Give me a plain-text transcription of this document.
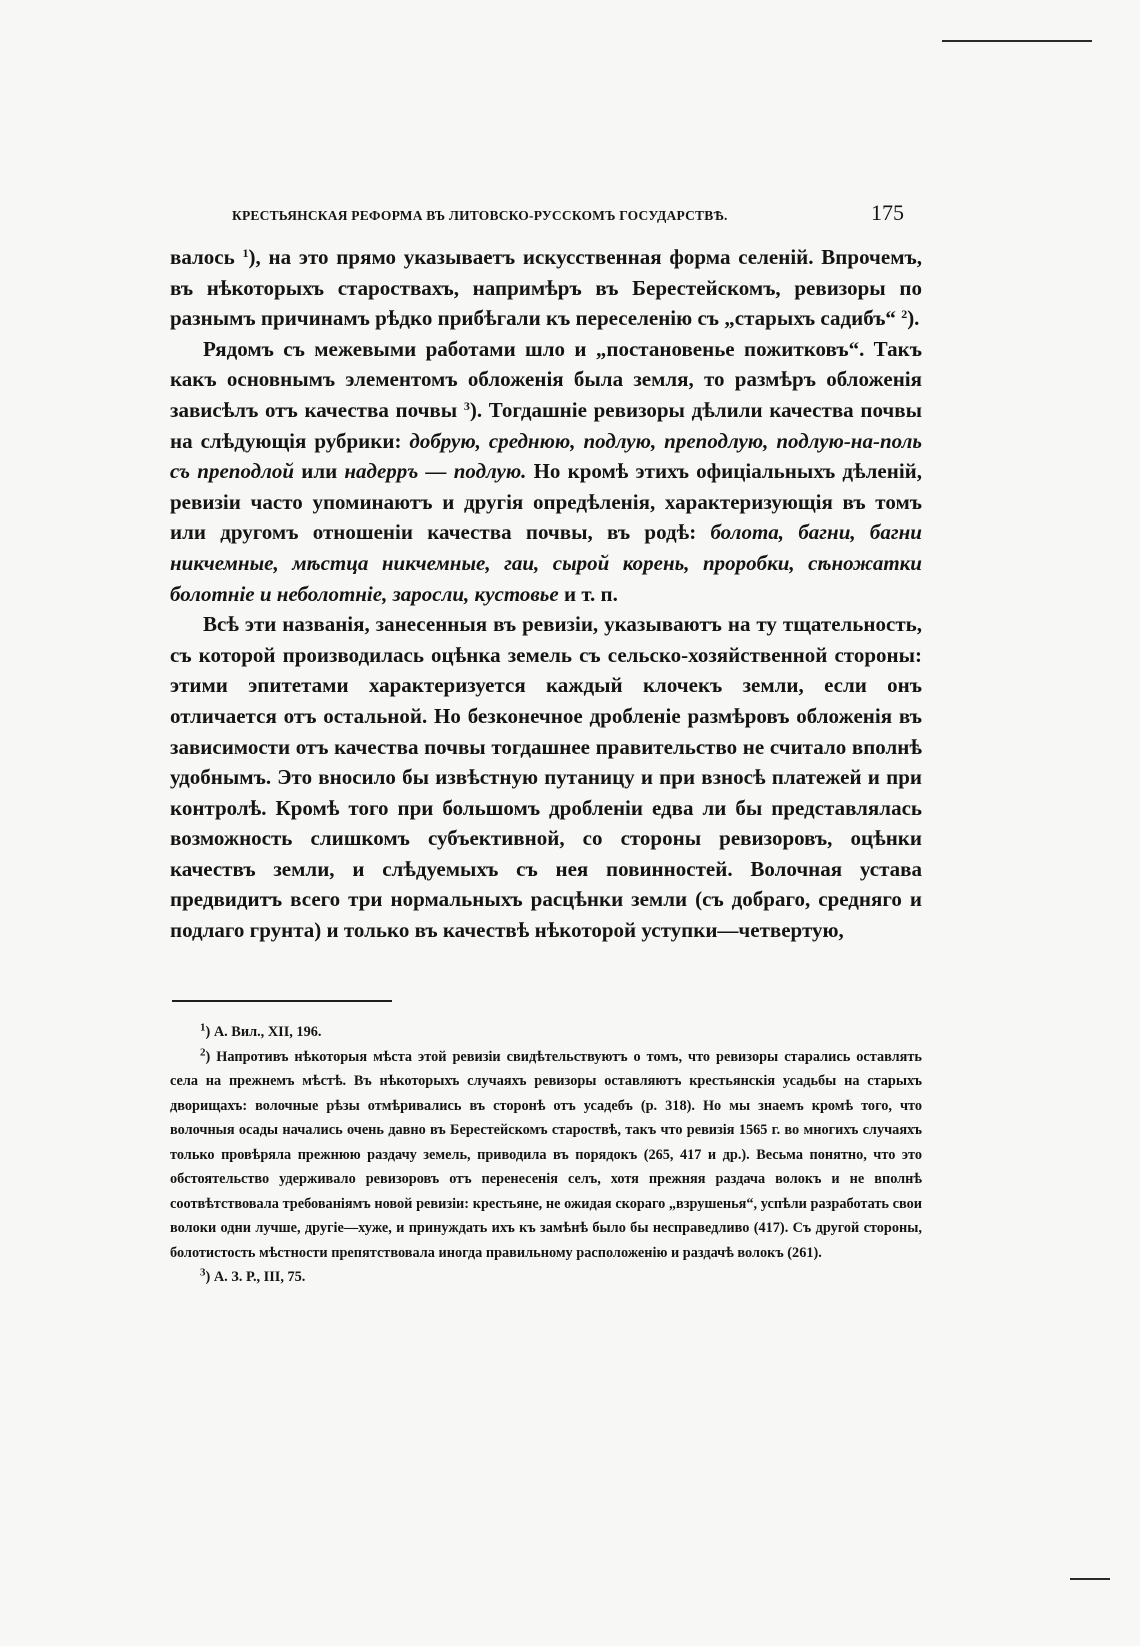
КРЕСТЬЯНСКАЯ РЕФОРМА ВЪ ЛИТОВСКО-РУССКОМЪ ГОСУДАРСТВѢ.	175

валось $^1$), на это прямо указываетъ искусственная форма селеній. Впрочемъ, въ нѣкоторыхъ староствахъ, напримѣръ въ Берестейскомъ, ревизоры по разнымъ причинамъ рѣдко прибѣгали къ переселенію съ „старыхъ садибъ“ $^2$).

Рядомъ съ межевыми работами шло и „постановенье пожитковъ“. Такъ какъ основнымъ элементомъ обложенія была земля, то размѣръ обложенія зависѣлъ отъ качества почвы $^3$). Тогдашніе ревизоры дѣлили качества почвы на слѣдующія рубрики: добрую, среднюю, подлую, преподлую, подлую-на-поль съ преподлой или надерръ — подлую. Но кромѣ этихъ офиціальныхъ дѣленій, ревизіи часто упоминаютъ и другія опредѣленія, характеризующія въ томъ или другомъ отношеніи качества почвы, въ родѣ: болота, багни, багни никчемные, мѣстца никчемные, гаи, сырой корень, проробки, сѣножатки болотніе и неболотніе, заросли, кустовье и т. п.

Всѣ эти названія, занесенныя въ ревизіи, указываютъ на ту тщательность, съ которой производилась оцѣнка земель съ сельско-хозяйственной стороны: этими эпитетами характеризуется каждый клочекъ земли, если онъ отличается отъ остальной. Но безконечное дробленіе размѣровъ обложенія въ зависимости отъ качества почвы тогдашнее правительство не считало вполнѣ удобнымъ. Это вносило бы извѣстную путаницу и при взносѣ платежей и при контролѣ. Кромѣ того при большомъ дробленіи едва ли бы представлялась возможность слишкомъ субъективной, со стороны ревизоровъ, оцѣнки качествъ земли, и слѣдуемыхъ съ нея повинностей. Волочная устава предвидитъ всего три нормальныхъ расцѣнки земли (съ добраго, средняго и подлаго грунта) и только въ качествѣ нѣкоторой уступки—четвертую,

$^1$) А. Вил., XII, 196.

$^2$) Напротивъ нѣкоторыя мѣста этой ревизіи свидѣтельствуютъ о томъ, что ревизоры старались оставлять села на прежнемъ мѣстѣ. Въ нѣкоторыхъ случаяхъ ревизоры оставляютъ крестьянскія усадьбы на старыхъ дворищахъ: волочные рѣзы отмѣривались въ сторонѣ отъ усадебъ (р. 318). Но мы знаемъ кромѣ того, что волочныя осады начались очень давно въ Берестейскомъ староствѣ, такъ что ревизія 1565 г. во многихъ случаяхъ только провѣряла прежнюю раздачу земель, приводила въ порядокъ (265, 417 и др.). Весьма понятно, что это обстоятельство удерживало ревизоровъ отъ перенесенія селъ, хотя прежняя раздача волокъ и не вполнѣ соотвѣтствовала требованіямъ новой ревизіи: крестьяне, не ожидая скораго „взрушенья“, успѣли разработать свои волоки одни лучше, другіе—хуже, и принуждать ихъ къ замѣнѣ было бы несправедливо (417). Съ другой стороны, болотистость мѣстности препятствовала иногда правильному расположенію и раздачѣ волокъ (261).

$^3$) А. З. Р., III, 75.
